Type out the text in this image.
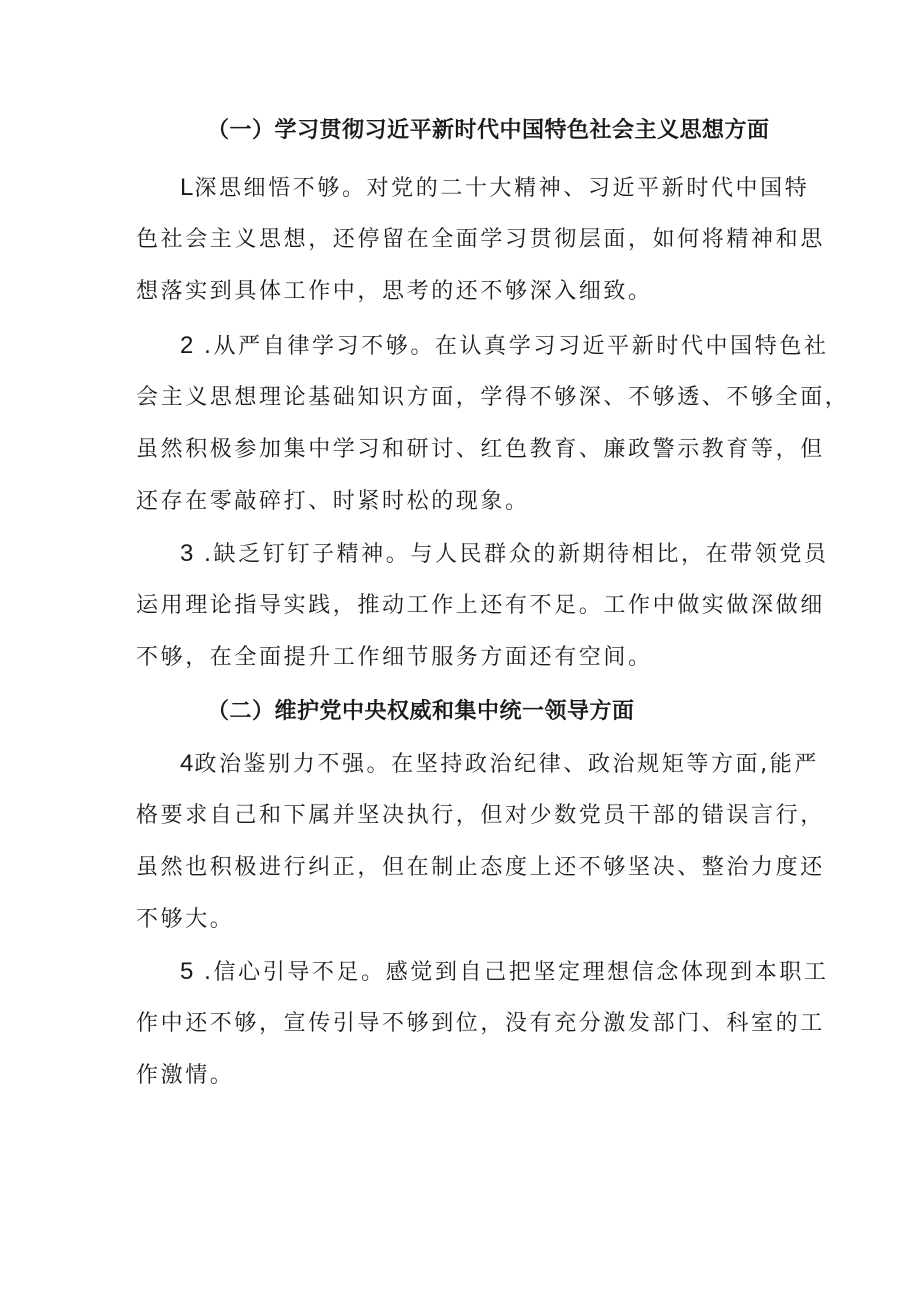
（一）学习贯彻习近平新时代中国特色社会主义思想方面
L深思细悟不够。对党的二十大精神、习近平新时代中国特
色社会主义思想，还停留在全面学习贯彻层面，如何将精神和思
想落实到具体工作中，思考的还不够深入细致。
2 .从严自律学习不够。在认真学习习近平新时代中国特色社
会主义思想理论基础知识方面，学得不够深、不够透、不够全面，
虽然积极参加集中学习和研讨、红色教育、廉政警示教育等，但
还存在零敲碎打、时紧时松的现象。
3 .缺乏钉钉子精神。与人民群众的新期待相比，在带领党员
运用理论指导实践，推动工作上还有不足。工作中做实做深做细
不够，在全面提升工作细节服务方面还有空间。
（二）维护党中央权威和集中统一领导方面
4政治鉴别力不强。在坚持政治纪律、政治规矩等方面,能严
格要求自己和下属并坚决执行，但对少数党员干部的错误言行，
虽然也积极进行纠正，但在制止态度上还不够坚决、整治力度还
不够大。
5 .信心引导不足。感觉到自己把坚定理想信念体现到本职工
作中还不够，宣传引导不够到位，没有充分激发部门、科室的工
作激情。
